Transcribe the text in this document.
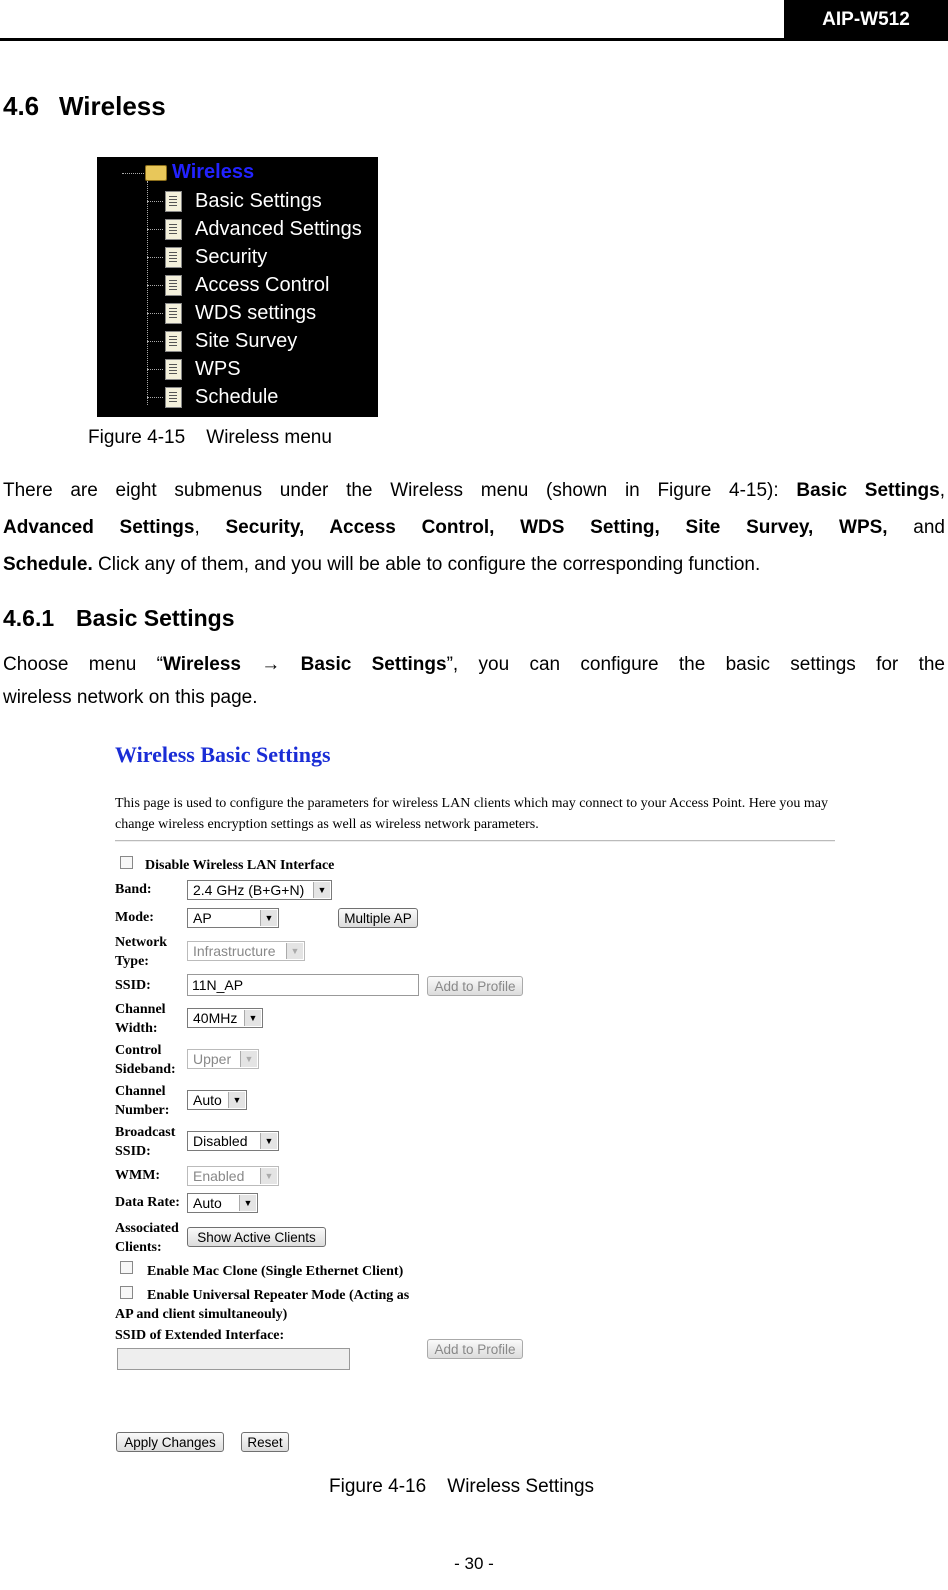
AIP-W512
4.6 Wireless
Wireless
Basic Settings
Advanced Settings
Security
Access Control
WDS settings
Site Survey
WPS
Schedule
Figure 4-15    Wireless menu

There are eight submenus under the Wireless menu (shown in Figure 4-15): Basic Settings,

Advanced Settings, Security, Access Control, WDS Setting, Site Survey, WPS, and

Schedule. Click any of them, and you will be able to configure the corresponding function.

4.6.1 Basic Settings

Choose menu “Wireless → Basic Settings”, you can configure the basic settings for the

wireless network on this page.

Wireless Basic Settings
This page is used to configure the parameters for wireless LAN clients which may connect to your Access Point. Here you may change wireless encryption settings as well as wireless network parameters.
Disable Wireless LAN Interface
Band:	2.4 GHz (B+G+N)	▼
Mode:	AP	▼	Multiple AP
Network
Type:
Infrastructure	▼
SSID:	11N_AP	Add to Profile
Channel
Width:
40MHz	▼
Control
Sideband:
Upper	▼
Channel
Number:
Auto	▼
Broadcast
SSID:
Disabled	▼
WMM: Enabled	▼
Data Rate: Auto	▼
Associated
Clients:
Show Active Clients
Enable Mac Clone (Single Ethernet Client)
Enable Universal Repeater Mode (Acting as
AP and client simultaneouly)
SSID of Extended Interface:
Add to Profile
Apply Changes	Reset
Figure 4-16    Wireless Settings
- 30 -
